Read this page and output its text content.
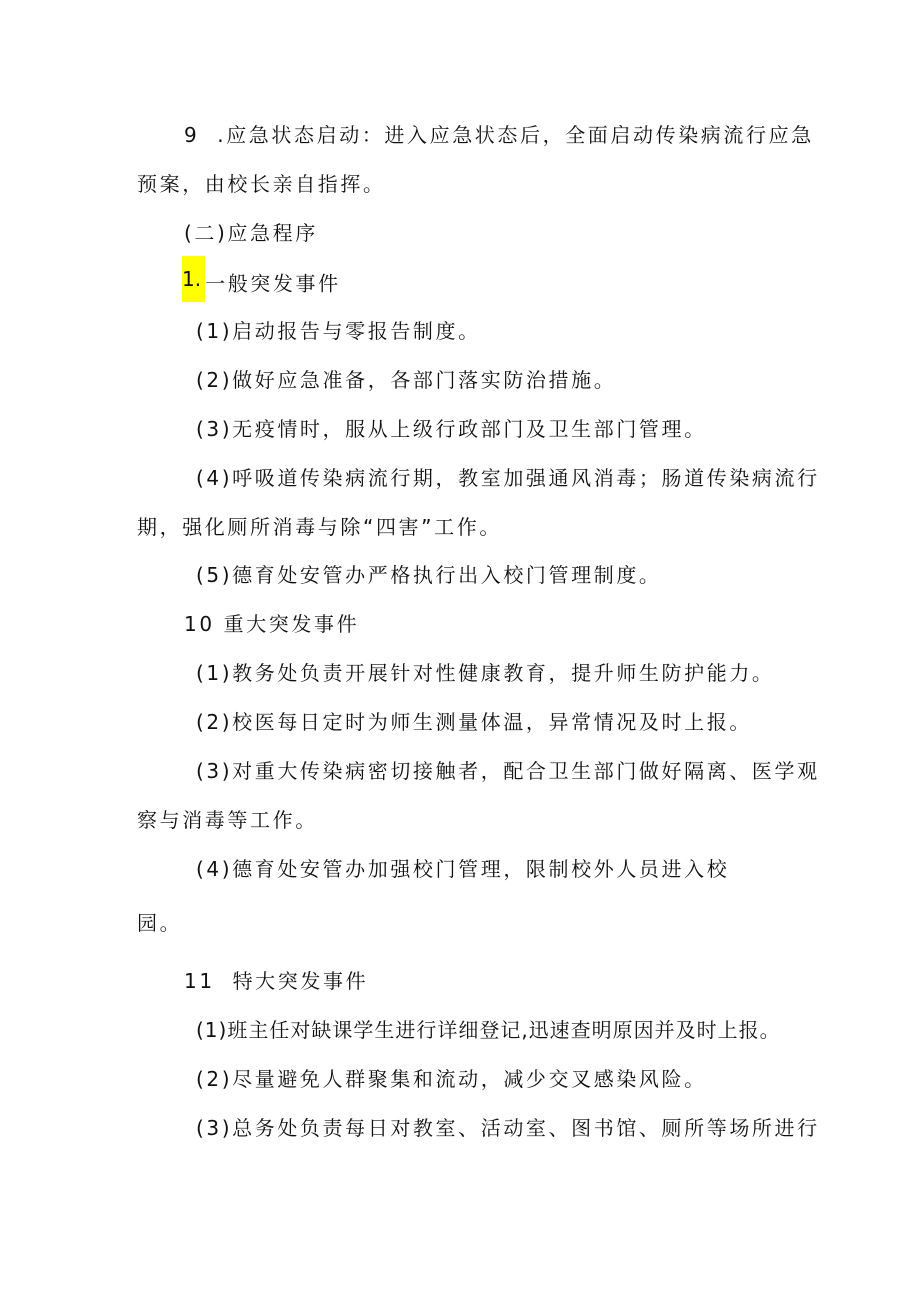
9  .应急状态启动：进入应急状态后，全面启动传染病流行应急
预案，由校长亲自指挥。
(二)应急程序
1. 一般突发事件
(1)启动报告与零报告制度。
(2)做好应急准备，各部门落实防治措施。
(3)无疫情时，服从上级行政部门及卫生部门管理。
(4)呼吸道传染病流行期，教室加强通风消毒；肠道传染病流行
期，强化厕所消毒与除“四害”工作。
(5)德育处安管办严格执行出入校门管理制度。
10 重大突发事件
(1)教务处负责开展针对性健康教育，提升师生防护能力。
(2)校医每日定时为师生测量体温，异常情况及时上报。
(3)对重大传染病密切接触者，配合卫生部门做好隔离、医学观
察与消毒等工作。
(4)德育处安管办加强校门管理，限制校外人员进入校
园。
11  特大突发事件
(1)班主任对缺课学生进行详细登记,迅速查明原因并及时上报。
(2)尽量避免人群聚集和流动，减少交叉感染风险。
(3)总务处负责每日对教室、活动室、图书馆、厕所等场所进行
